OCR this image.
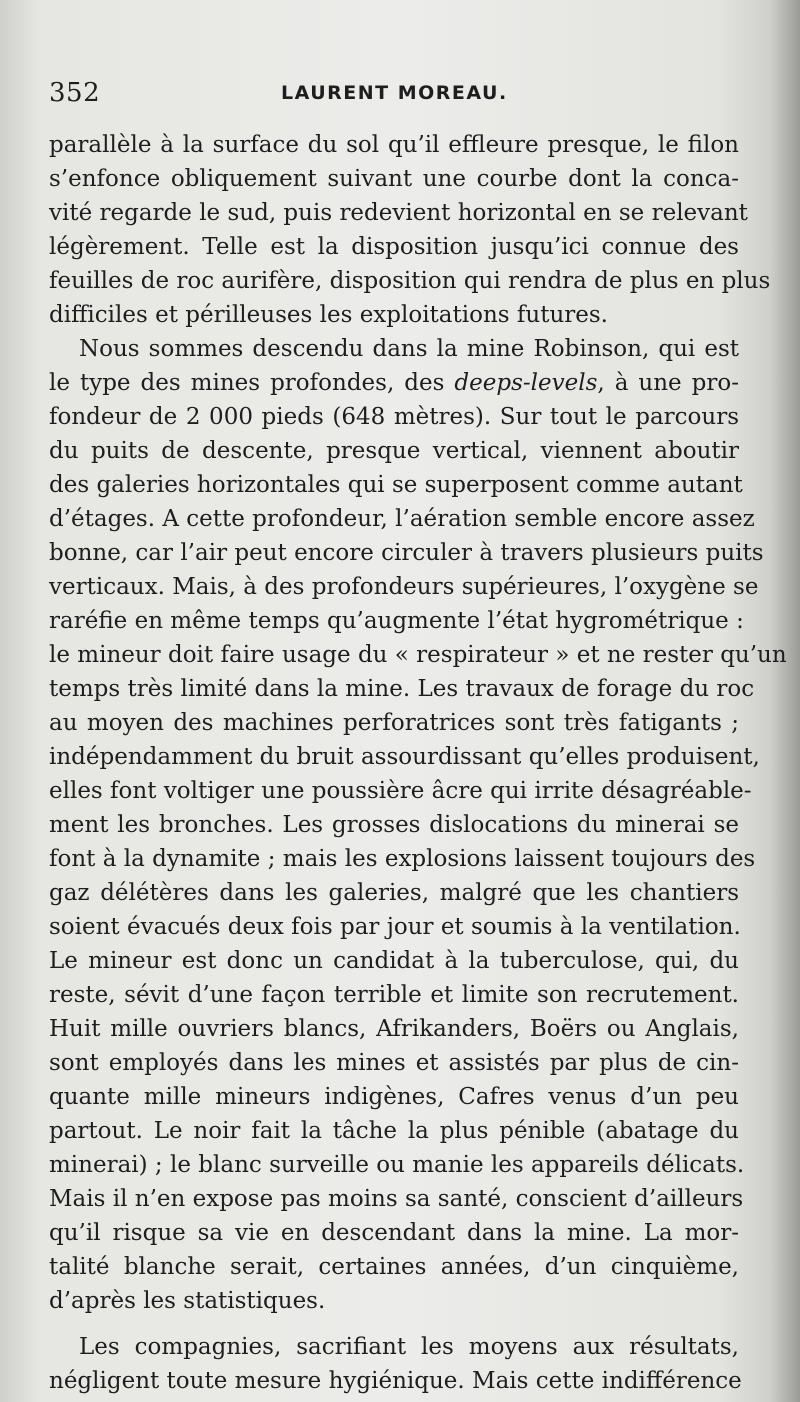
352	LAURENT MOREAU.
parallèle à la surface du sol qu’il effleure presque, le filon
s’enfonce obliquement suivant une courbe dont la conca-
vité regarde le sud, puis redevient horizontal en se relevant
légèrement. Telle est la disposition jusqu’ici connue des
feuilles de roc aurifère, disposition qui rendra de plus en plus
difficiles et périlleuses les exploitations futures.
Nous sommes descendu dans la mine Robinson, qui est
le type des mines profondes, des deeps-levels, à une pro-
fondeur de 2 000 pieds (648 mètres). Sur tout le parcours
du puits de descente, presque vertical, viennent aboutir
des galeries horizontales qui se superposent comme autant
d’étages. A cette profondeur, l’aération semble encore assez
bonne, car l’air peut encore circuler à travers plusieurs puits
verticaux. Mais, à des profondeurs supérieures, l’oxygène se
raréfie en même temps qu’augmente l’état hygrométrique :
le mineur doit faire usage du « respirateur » et ne rester qu’un
temps très limité dans la mine. Les travaux de forage du roc
au moyen des machines perforatrices sont très fatigants ;
indépendamment du bruit assourdissant qu’elles produisent,
elles font voltiger une poussière âcre qui irrite désagréable-
ment les bronches. Les grosses dislocations du minerai se
font à la dynamite ; mais les explosions laissent toujours des
gaz délétères dans les galeries, malgré que les chantiers
soient évacués deux fois par jour et soumis à la ventilation.
Le mineur est donc un candidat à la tuberculose, qui, du
reste, sévit d’une façon terrible et limite son recrutement.
Huit mille ouvriers blancs, Afrikanders, Boërs ou Anglais,
sont employés dans les mines et assistés par plus de cin-
quante mille mineurs indigènes, Cafres venus d’un peu
partout. Le noir fait la tâche la plus pénible (abatage du
minerai) ; le blanc surveille ou manie les appareils délicats.
Mais il n’en expose pas moins sa santé, conscient d’ailleurs
qu’il risque sa vie en descendant dans la mine. La mor-
talité blanche serait, certaines années, d’un cinquième,
d’après les statistiques.
Les compagnies, sacrifiant les moyens aux résultats,
négligent toute mesure hygiénique. Mais cette indifférence
